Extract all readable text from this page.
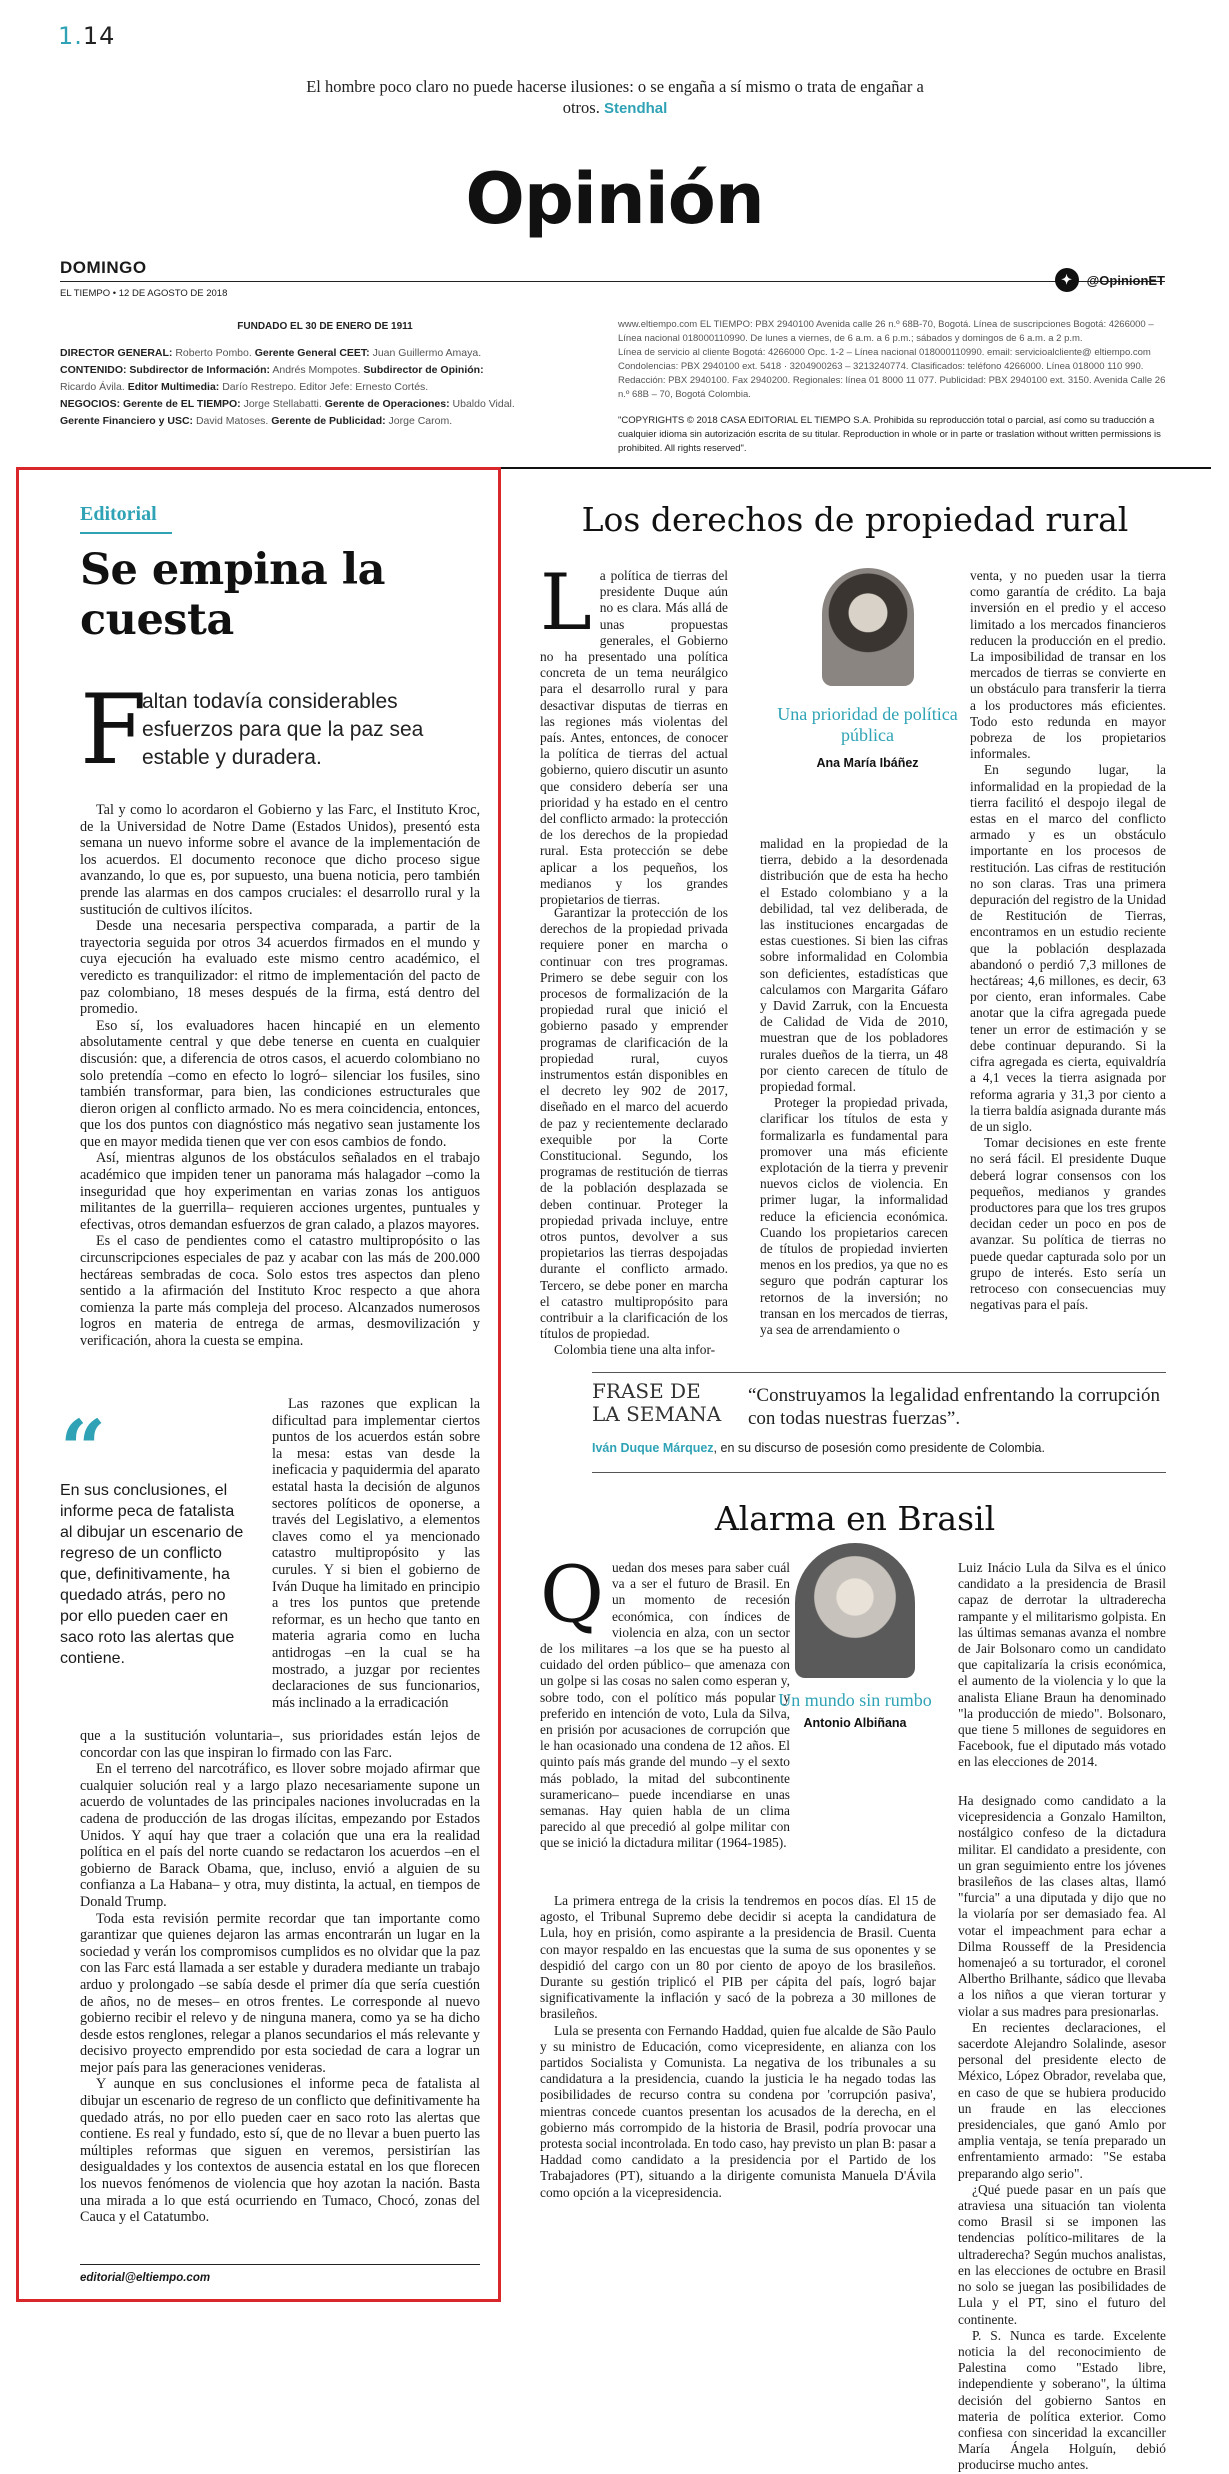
1.14
El hombre poco claro no puede hacerse ilusiones: o se engaña a sí mismo o trata de engañar a otros. Stendhal
Opinión
DOMINGO
EL TIEMPO • 12 DE AGOSTO DE 2018
✦	@OpinionET
FUNDADO EL 30 DE ENERO DE 1911
DIRECTOR GENERAL: Roberto Pombo. Gerente General CEET: Juan Guillermo Amaya.
CONTENIDO: Subdirector de Información: Andrés Mompotes. Subdirector de Opinión:
Ricardo Ávila. Editor Multimedia: Darío Restrepo. Editor Jefe: Ernesto Cortés.
NEGOCIOS: Gerente de EL TIEMPO: Jorge Stellabatti. Gerente de Operaciones: Ubaldo Vidal.
Gerente Financiero y USC: David Matoses. Gerente de Publicidad: Jorge Carom.
www.eltiempo.com EL TIEMPO: PBX 2940100 Avenida calle 26 n.º 68B-70, Bogotá. Línea de suscripciones Bogotá: 4266000 – Línea nacional 018000110990. De lunes a viernes, de 6 a.m. a 6 p.m.; sábados y domingos de 6 a.m. a 2 p.m.
Línea de servicio al cliente Bogotá: 4266000 Opc. 1-2 – Línea nacional 018000110990. email: servicioalcliente@ eltiempo.com Condolencias: PBX 2940100 ext. 5418 · 3204900263 – 3213240774. Clasificados: teléfono 4266000. Línea 018000 110 990. Redacción: PBX 2940100. Fax 2940200. Regionales: línea 01 8000 11 077. Publicidad: PBX 2940100 ext. 3150. Avenida Calle 26 n.º 68B – 70, Bogotá Colombia.
"COPYRIGHTS © 2018 CASA EDITORIAL EL TIEMPO S.A. Prohibida su reproducción total o parcial, así como su traducción a cualquier idioma sin autorización escrita de su titular. Reproduction in whole or in parte or traslation without written permissions is prohibited. All rights reserved".
Editorial
Se empina la cuesta
F
altan todavía considerables esfuerzos para que la paz sea estable y duradera.

Tal y como lo acordaron el Gobierno y las Farc, el Instituto Kroc, de la Universidad de Notre Dame (Estados Unidos), presentó esta semana un nuevo informe sobre el avance de la implementación de los acuerdos. El documento reconoce que dicho proceso sigue avanzando, lo que es, por supuesto, una buena noticia, pero también prende las alarmas en dos campos cruciales: el desarrollo rural y la sustitución de cultivos ilícitos.

Desde una necesaria perspectiva comparada, a partir de la trayectoria seguida por otros 34 acuerdos firmados en el mundo y cuya ejecución ha evaluado este mismo centro académico, el veredicto es tranquilizador: el ritmo de implementación del pacto de paz colombiano, 18 meses después de la firma, está dentro del promedio.

Eso sí, los evaluadores hacen hincapié en un elemento absolutamente central y que debe tenerse en cuenta en cualquier discusión: que, a diferencia de otros casos, el acuerdo colombiano no solo pretendía –como en efecto lo logró– silenciar los fusiles, sino también transformar, para bien, las condiciones estructurales que dieron origen al conflicto armado. No es mera coincidencia, entonces, que los dos puntos con diagnóstico más negativo sean justamente los que en mayor medida tienen que ver con esos cambios de fondo.

Así, mientras algunos de los obstáculos señalados en el trabajo académico que impiden tener un panorama más halagador –como la inseguridad que hoy experimentan en varias zonas los antiguos militantes de la guerrilla– requieren acciones urgentes, puntuales y efectivas, otros demandan esfuerzos de gran calado, a plazos mayores.

Es el caso de pendientes como el catastro multipropósito o las circunscripciones especiales de paz y acabar con las más de 200.000 hectáreas sembradas de coca. Solo estos tres aspectos dan pleno sentido a la afirmación del Instituto Kroc respecto a que ahora comienza la parte más compleja del proceso. Alcanzados numerosos logros en materia de entrega de armas, desmovilización y verificación, ahora la cuesta se empina.

“
En sus conclusiones, el informe peca de fatalista al dibujar un escenario de regreso de un conflicto que, definitivamente, ha quedado atrás, pero no por ello pueden caer en saco roto las alertas que contiene.

Las razones que explican la dificultad para implementar ciertos puntos de los acuerdos están sobre la mesa: estas van desde la ineficacia y paquidermia del aparato estatal hasta la decisión de algunos sectores políticos de oponerse, a través del Legislativo, a elementos claves como el ya mencionado catastro multipropósito y las curules. Y si bien el gobierno de Iván Duque ha limitado en principio a tres los puntos que pretende reformar, es un hecho que tanto en materia agraria como en lucha antidrogas –en la cual se ha mostrado, a juzgar por recientes declaraciones de sus funcionarios, más inclinado a la erradicación

que a la sustitución voluntaria–, sus prioridades están lejos de concordar con las que inspiran lo firmado con las Farc.

En el terreno del narcotráfico, es llover sobre mojado afirmar que cualquier solución real y a largo plazo necesariamente supone un acuerdo de voluntades de las principales naciones involucradas en la cadena de producción de las drogas ilícitas, empezando por Estados Unidos. Y aquí hay que traer a colación que una era la realidad política en el país del norte cuando se redactaron los acuerdos –en el gobierno de Barack Obama, que, incluso, envió a alguien de su confianza a La Habana– y otra, muy distinta, la actual, en tiempos de Donald Trump.

Toda esta revisión permite recordar que tan importante como garantizar que quienes dejaron las armas encontrarán un lugar en la sociedad y verán los compromisos cumplidos es no olvidar que la paz con las Farc está llamada a ser estable y duradera mediante un trabajo arduo y prolongado –se sabía desde el primer día que sería cuestión de años, no de meses– en otros frentes. Le corresponde al nuevo gobierno recibir el relevo y de ninguna manera, como ya se ha dicho desde estos renglones, relegar a planos secundarios el más relevante y decisivo proyecto emprendido por esta sociedad de cara a lograr un mejor país para las generaciones venideras.

Y aunque en sus conclusiones el informe peca de fatalista al dibujar un escenario de regreso de un conflicto que definitivamente ha quedado atrás, no por ello pueden caer en saco roto las alertas que contiene. Es real y fundado, esto sí, que de no llevar a buen puerto las múltiples reformas que siguen en veremos, persistirían las desigualdades y los contextos de ausencia estatal en los que florecen los nuevos fenómenos de violencia que hoy azotan la nación. Basta una mirada a lo que está ocurriendo en Tumaco, Chocó, zonas del Cauca y el Catatumbo.

editorial@eltiempo.com
Los derechos de propiedad rural

La política de tierras del presidente Duque aún no es clara. Más allá de unas propuestas generales, el Gobierno no ha presentado una política concreta de un tema neurálgico para el desarrollo rural y para desactivar disputas de tierras en las regiones más violentas del país. Antes, entonces, de conocer la política de tierras del actual gobierno, quiero discutir un asunto que considero debería ser una prioridad y ha estado en el centro del conflicto armado: la protección de los derechos de la propiedad rural. Esta protección se debe aplicar a los pequeños, los medianos y los grandes propietarios de tierras.

Una prioridad de política pública
Ana María Ibáñez

Garantizar la protección de los derechos de la propiedad privada requiere poner en marcha o continuar con tres programas. Primero se debe seguir con los procesos de formalización de la propiedad rural que inició el gobierno pasado y emprender programas de clarificación de la propiedad rural, cuyos instrumentos están disponibles en el decreto ley 902 de 2017, diseñado en el marco del acuerdo de paz y recientemente declarado exequible por la Corte Constitucional. Segundo, los programas de restitución de tierras de la población desplazada se deben continuar. Proteger la propiedad privada incluye, entre otros puntos, devolver a sus propietarios las tierras despojadas durante el conflicto armado. Tercero, se debe poner en marcha el catastro multipropósito para contribuir a la clarificación de los títulos de propiedad.

Colombia tiene una alta infor-

malidad en la propiedad de la tierra, debido a la desordenada distribución que de esta ha hecho el Estado colombiano y a la debilidad, tal vez deliberada, de las instituciones encargadas de estas cuestiones. Si bien las cifras sobre informalidad en Colombia son deficientes, estadísticas que calculamos con Margarita Gáfaro y David Zarruk, con la Encuesta de Calidad de Vida de 2010, muestran que de los pobladores rurales dueños de la tierra, un 48 por ciento carecen de título de propiedad formal.

Proteger la propiedad privada, clarificar los títulos de esta y formalizarla es fundamental para promover una más eficiente explotación de la tierra y prevenir nuevos ciclos de violencia. En primer lugar, la informalidad reduce la eficiencia económica. Cuando los propietarios carecen de títulos de propiedad invierten menos en los predios, ya que no es seguro que podrán capturar los retornos de la inversión; no transan en los mercados de tierras, ya sea de arrendamiento o

venta, y no pueden usar la tierra como garantía de crédito. La baja inversión en el predio y el acceso limitado a los mercados financieros reducen la producción en el predio. La imposibilidad de transar en los mercados de tierras se convierte en un obstáculo para transferir la tierra a los productores más eficientes. Todo esto redunda en mayor pobreza de los propietarios informales.

En segundo lugar, la informalidad en la propiedad de la tierra facilitó el despojo ilegal de estas en el marco del conflicto armado y es un obstáculo importante en los procesos de restitución. Las cifras de restitución no son claras. Tras una primera depuración del registro de la Unidad de Restitución de Tierras, encontramos en un estudio reciente que la población desplazada abandonó o perdió 7,3 millones de hectáreas; 4,6 millones, es decir, 63 por ciento, eran informales. Cabe anotar que la cifra agregada puede tener un error de estimación y se debe continuar depurando. Si la cifra agregada es cierta, equivaldría a 4,1 veces la tierra asignada por reforma agraria y 31,3 por ciento a la tierra baldía asignada durante más de un siglo.

Tomar decisiones en este frente no será fácil. El presidente Duque deberá lograr consensos con los pequeños, medianos y grandes productores para que los tres grupos decidan ceder un poco en pos de avanzar. Su política de tierras no puede quedar capturada solo por un grupo de interés. Esto sería un retroceso con consecuencias muy negativas para el país.

FRASE DE
LA SEMANA
“Construyamos la legalidad enfrentando la corrupción con todas nuestras fuerzas”.
Iván Duque Márquez, en su discurso de posesión como presidente de Colombia.
Alarma en Brasil

Quedan dos meses para saber cuál va a ser el futuro de Brasil. En un momento de recesión económica, con índices de violencia en alza, con un sector de los militares –a los que se ha puesto al cuidado del orden público– que amenaza con un golpe si las cosas no salen como esperan y, sobre todo, con el político más popular y preferido en intención de voto, Lula da Silva, en prisión por acusaciones de corrupción que le han ocasionado una condena de 12 años. El quinto país más grande del mundo –y el sexto más poblado, la mitad del subcontinente suramericano– puede incendiarse en unas semanas. Hay quien habla de un clima parecido al que precedió al golpe militar con que se inició la dictadura militar (1964-1985).

Un mundo sin rumbo
Antonio Albiñana

La primera entrega de la crisis la tendremos en pocos días. El 15 de agosto, el Tribunal Supremo debe decidir si acepta la candidatura de Lula, hoy en prisión, como aspirante a la presidencia de Brasil. Cuenta con mayor respaldo en las encuestas que la suma de sus oponentes y se despidió del cargo con un 80 por ciento de apoyo de los brasileños. Durante su gestión triplicó el PIB per cápita del país, logró bajar significativamente la inflación y sacó de la pobreza a 30 millones de brasileños.

Lula se presenta con Fernando Haddad, quien fue alcalde de São Paulo y su ministro de Educación, como vicepresidente, en alianza con los partidos Socialista y Comunista. La negativa de los tribunales a su candidatura a la presidencia, cuando la justicia le ha negado todas las posibilidades de recurso contra su condena por 'corrupción pasiva', mientras concede cuantos presentan los acusados de la derecha, en el gobierno más corrompido de la historia de Brasil, podría provocar una protesta social incontrolada. En todo caso, hay previsto un plan B: pasar a Haddad como candidato a la presidencia por el Partido de los Trabajadores (PT), situando a la dirigente comunista Manuela D'Ávila como opción a la vicepresidencia.

Luiz Inácio Lula da Silva es el único candidato a la presidencia de Brasil capaz de derrotar la ultraderecha rampante y el militarismo golpista. En las últimas semanas avanza el nombre de Jair Bolsonaro como un candidato que capitalizaría la crisis económica, el aumento de la violencia y lo que la analista Eliane Braun ha denominado "la producción de miedo". Bolsonaro, que tiene 5 millones de seguidores en Facebook, fue el diputado más votado en las elecciones de 2014.

Ha designado como candidato a la vicepresidencia a Gonzalo Hamilton, nostálgico confeso de la dictadura militar. El candidato a presidente, con un gran seguimiento entre los jóvenes brasileños de las clases altas, llamó "furcia" a una diputada y dijo que no la violaría por ser demasiado fea. Al votar el impeachment para echar a Dilma Rousseff de la Presidencia homenajeó a su torturador, el coronel Albertho Brilhante, sádico que llevaba a los niños a que vieran torturar y violar a sus madres para presionarlas.

En recientes declaraciones, el sacerdote Alejandro Solalinde, asesor personal del presidente electo de México, López Obrador, revelaba que, en caso de que se hubiera producido un fraude en las elecciones presidenciales, que ganó Amlo por amplia ventaja, se tenía preparado un enfrentamiento armado: "Se estaba preparando algo serio".

¿Qué puede pasar en un país que atraviesa una situación tan violenta como Brasil si se imponen las tendencias político-militares de la ultraderecha? Según muchos analistas, en las elecciones de octubre en Brasil no solo se juegan las posibilidades de Lula y el PT, sino el futuro del continente.

P. S. Nunca es tarde. Excelente noticia la del reconocimiento de Palestina como "Estado libre, independiente y soberano", la última decisión del gobierno Santos en materia de política exterior. Como confiesa con sinceridad la excanciller María Ángela Holguín, debió producirse mucho antes.
